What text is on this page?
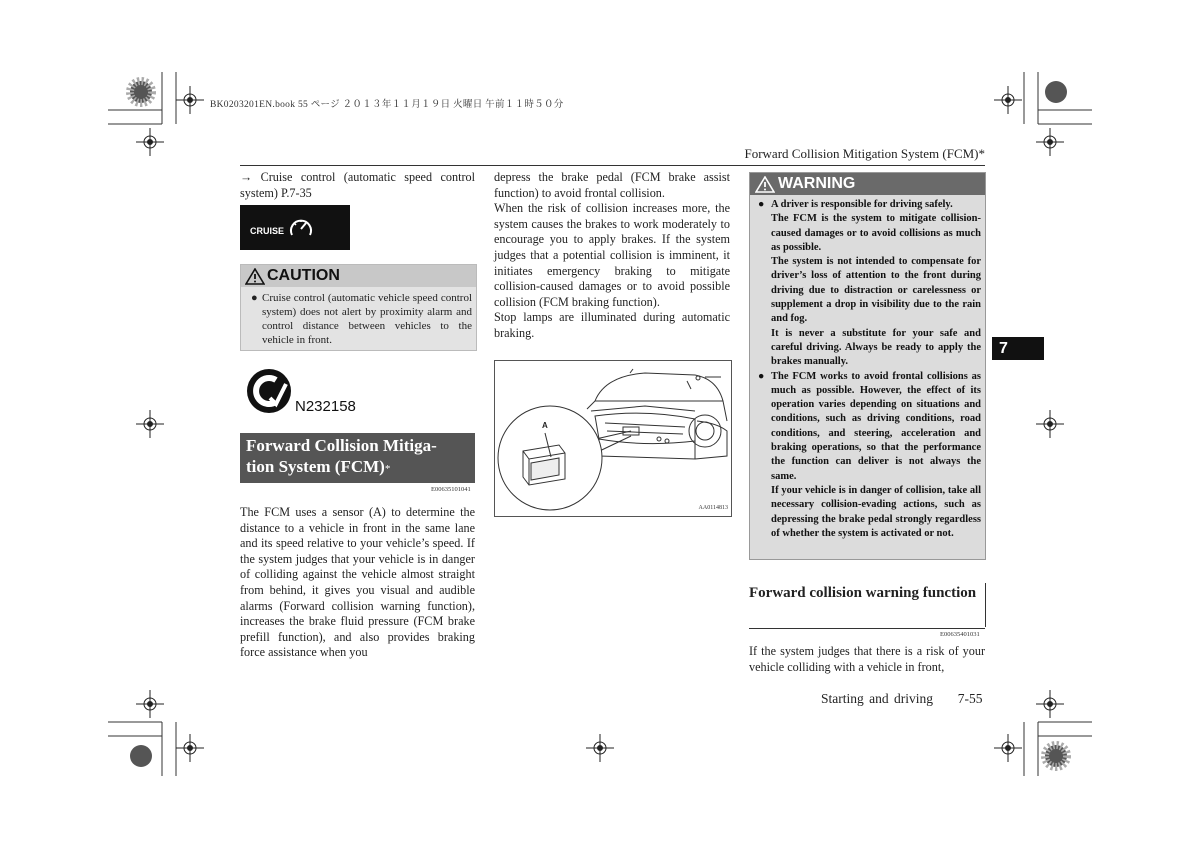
BK0203201EN.book 55 ページ ２０１３年１１月１９日 火曜日 午前１１時５０分
Forward Collision Mitigation System (FCM)*

→ Cruise control (automatic speed control system) P.7-35

CRUISE
CAUTION
● Cruise control (automatic vehicle speed control system) does not alert by proximity alarm and control distance between vehicles to the vehicle in front.
N232158
Forward Collision Mitiga-
tion System (FCM)*
E00635101041

The FCM uses a sensor (A) to determine the distance to a vehicle in front in the same lane and its speed relative to your vehicle’s speed. If the system judges that your vehicle is in danger of colliding against the vehicle almost straight from behind, it gives you visual and audible alarms (Forward collision warning function), increases the brake fluid pressure (FCM brake prefill function), and also provides braking force assistance when you

depress the brake pedal (FCM brake assist function) to avoid frontal collision.

When the risk of collision increases more, the system causes the brakes to work moderately to encourage you to apply brakes. If the system judges that a potential collision is imminent, it initiates emergency braking to mitigate collision-caused damages or to avoid possible collision (FCM braking function).

Stop lamps are illuminated during automatic braking.

A
AA0114813
WARNING
● A driver is responsible for driving safely.
The FCM is the system to mitigate collision-caused damages or to avoid collisions as much as possible.
The system is not intended to compensate for driver’s loss of attention to the front during driving due to distraction or carelessness or supplement a drop in visibility due to the rain and fog.
It is never a substitute for your safe and careful driving. Always be ready to apply the brakes manually.
● The FCM works to avoid frontal collisions as much as possible. However, the effect of its operation varies depending on situations and conditions, such as driving conditions, road conditions, and steering, acceleration and braking operations, so that the performance the function can deliver is not always the same.
If your vehicle is in danger of collision, take all necessary collision-evading actions, such as depressing the brake pedal strongly regardless of whether the system is activated or not.
Forward collision warning function
E00635401031

If the system judges that there is a risk of your vehicle colliding with a vehicle in front,

7
Starting and driving 7-55
